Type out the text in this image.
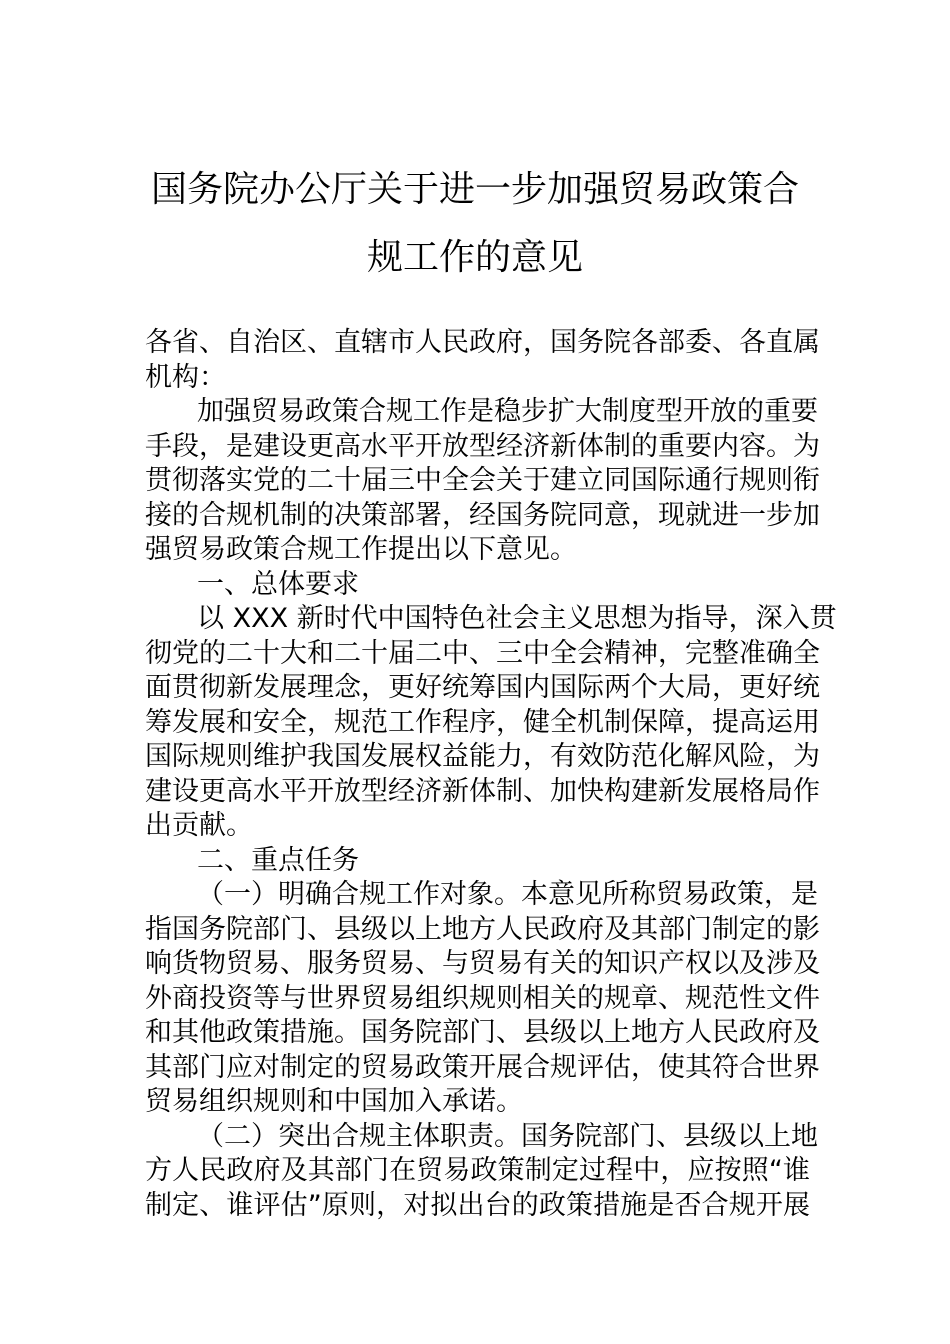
国务院办公厅关于进一步加强贸易政策合
规工作的意见
各省、自治区、直辖市人民政府，国务院各部委、各直属
机构：
加强贸易政策合规工作是稳步扩大制度型开放的重要
手段，是建设更高水平开放型经济新体制的重要内容。为
贯彻落实党的二十届三中全会关于建立同国际通行规则衔
接的合规机制的决策部署，经国务院同意，现就进一步加
强贸易政策合规工作提出以下意见。
一、总体要求
以 XXX 新时代中国特色社会主义思想为指导，深入贯
彻党的二十大和二十届二中、三中全会精神，完整准确全
面贯彻新发展理念，更好统筹国内国际两个大局，更好统
筹发展和安全，规范工作程序，健全机制保障，提高运用
国际规则维护我国发展权益能力，有效防范化解风险，为
建设更高水平开放型经济新体制、加快构建新发展格局作
出贡献。
二、重点任务
（一）明确合规工作对象。本意见所称贸易政策，是
指国务院部门、县级以上地方人民政府及其部门制定的影
响货物贸易、服务贸易、与贸易有关的知识产权以及涉及
外商投资等与世界贸易组织规则相关的规章、规范性文件
和其他政策措施。国务院部门、县级以上地方人民政府及
其部门应对制定的贸易政策开展合规评估，使其符合世界
贸易组织规则和中国加入承诺。
（二）突出合规主体职责。国务院部门、县级以上地
方人民政府及其部门在贸易政策制定过程中，应按照“谁
制定、谁评估”原则，对拟出台的政策措施是否合规开展
